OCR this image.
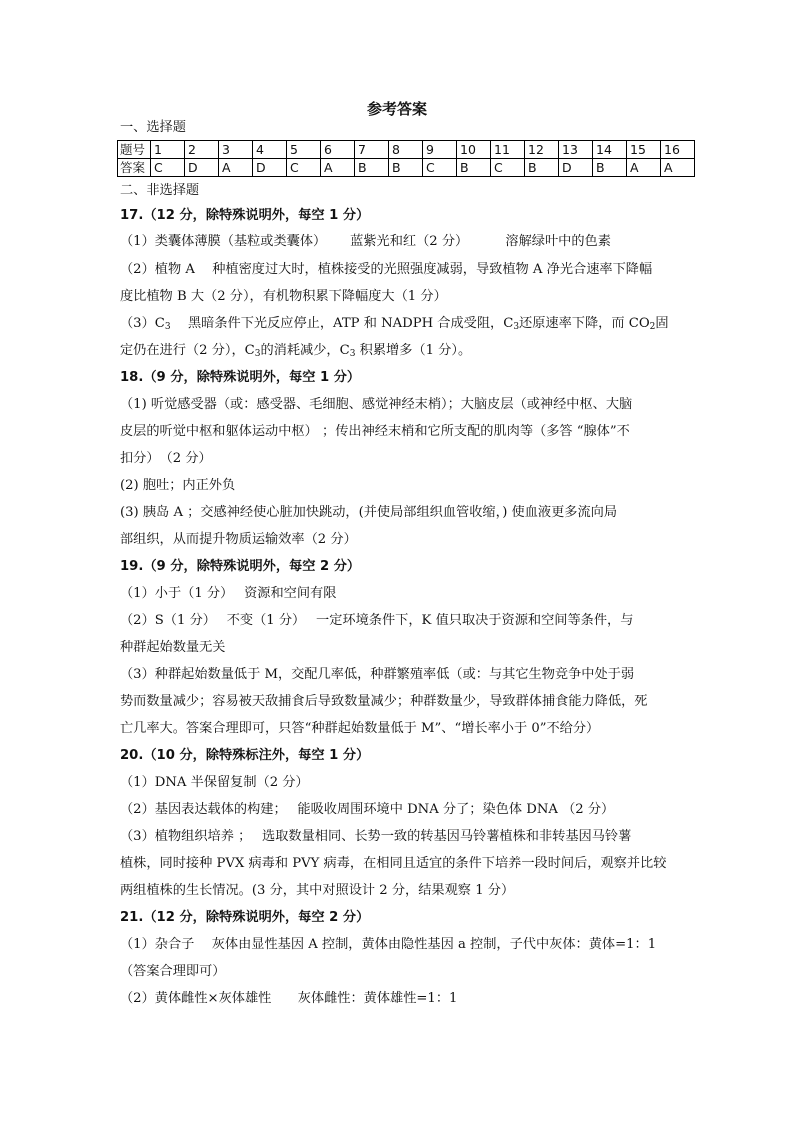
参考答案
一、选择题
题号	1	2	3	4	5	6	7	8	9	10	11	12	13	14	15	16
答案	C	D	A	D	C	A	B	B	C	B	C	B	D	B	A	A
二、非选择题
17.（12 分，除特殊说明外，每空 1 分）
（1）类囊体薄膜（基粒或类囊体）　　 蓝紫光和红（2 分）　　　 溶解绿叶中的色素
（2）植物 A　 种植密度过大时，植株接受的光照强度减弱，导致植物 A 净光合速率下降幅
度比植物 B 大（2 分），有机物积累下降幅度大（1 分）
$(3)C_3$　 黑暗条件下光反应停止，ATP 和 NADPH 合成受阻，$C_3$还原速率下降，而 $CO_2$固
定仍在进行（2 分），$C_3$的消耗减少，$C_3$ 积累增多（1 分）。
18.（9 分，除特殊说明外，每空 1 分）
（1) 听觉感受器（或：感受器、毛细胞、感觉神经末梢）；大脑皮层（或神经中枢、大脑
皮层的听觉中枢和躯体运动中枢） ；传出神经末梢和它所支配的肌肉等（多答 “腺体”不
扣分）　（2 分）
(2) 胞吐；内正外负
(3) 胰岛 A ；交感神经使心脏加快跳动，(并使局部组织血管收缩，) 使血液更多流向局
部组织，从而提升物质运输效率（2 分）
19.（9 分，除特殊说明外，每空 2 分）
（1）小于（1 分）　 资源和空间有限
（2）S（1 分）　 不变（1 分）　 一定环境条件下，K 值只取决于资源和空间等条件，与
种群起始数量无关
（3）种群起始数量低于 M，交配几率低，种群繁殖率低（或：与其它生物竞争中处于弱
势而数量减少；容易被天敌捕食后导致数量减少；种群数量少，导致群体捕食能力降低，死
亡几率大。答案合理即可，只答“种群起始数量低于 M”、“增长率小于 0”不给分）
20.（10 分，除特殊标注外，每空 1 分）
（1）DNA 半保留复制（2 分）
（2）基因表达载体的构建；　 能吸收周围环境中 DNA 分了；染色体 DNA （2 分）
（3）植物组织培养 ；　 选取数量相同、长势一致的转基因马铃薯植株和非转基因马铃薯
植株，同时接种 PVX 病毒和 PVY 病毒，在相同且适宜的条件下培养一段时间后，观察并比较
两组植株的生长情况。(3 分，其中对照设计 2 分，结果观察 1 分）
21.（12 分，除特殊说明外，每空 2 分）
（1）杂合子　 灰体由显性基因 A 控制，黄体由隐性基因 a 控制，子代中灰体：黄体=1：1
（答案合理即可）
（2）黄体雌性×灰体雄性　　灰体雌性：黄体雄性=1：1
